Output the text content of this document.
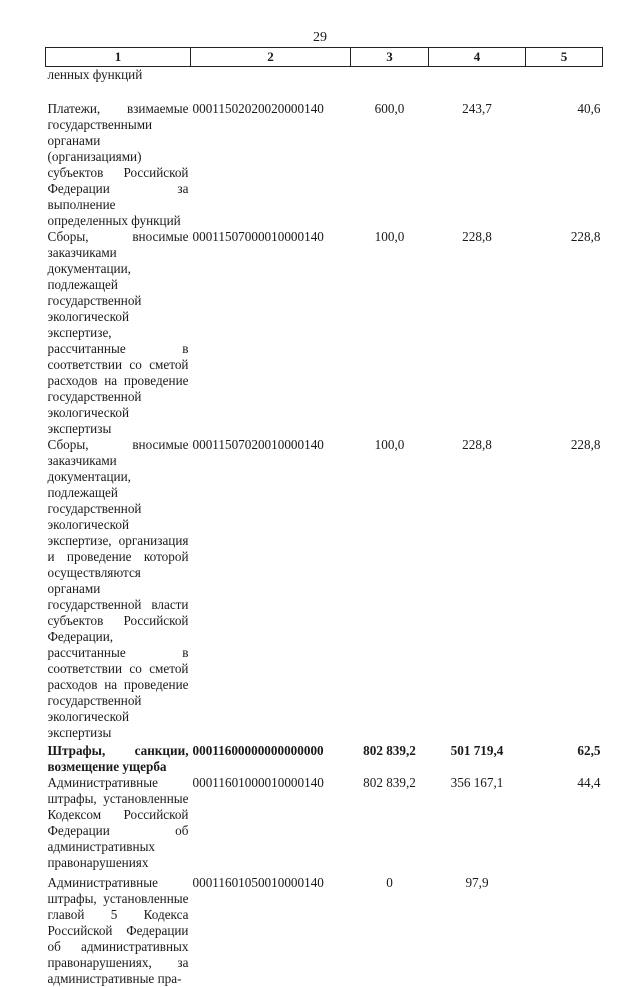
29
1	2	3	4	5
ленных функций				

Платежи, взимаемые государственными органами (организациями) субъектов Российской Федерации за выполнение определенных функций	00011502020020000140	600,0	243,7	40,6
Сборы, вносимые заказчиками документации, подлежащей государственной экологической экспертизе, рассчитанные в соответствии со сметой расходов на проведение государственной экологической экспертизы	00011507000010000140	100,0	228,8	228,8
Сборы, вносимые заказчиками документации, подлежащей государственной экологической экспертизе, организация и проведение которой осуществляются органами государственной власти субъектов Российской Федерации, рассчитанные в соответствии со сметой расходов на проведение государственной экологической экспертизы	00011507020010000140	100,0	228,8	228,8
Штрафы, санкции, возмещение ущерба	00011600000000000000	802 839,2	501 719,4	62,5
Административные штрафы, установленные Кодексом Российской Федерации об административных правонарушениях	00011601000010000140	802 839,2	356 167,1	44,4
Административные штрафы, установленные главой 5 Кодекса Российской Федерации об административных правонарушениях, за административные пра-	00011601050010000140	0	97,9	
